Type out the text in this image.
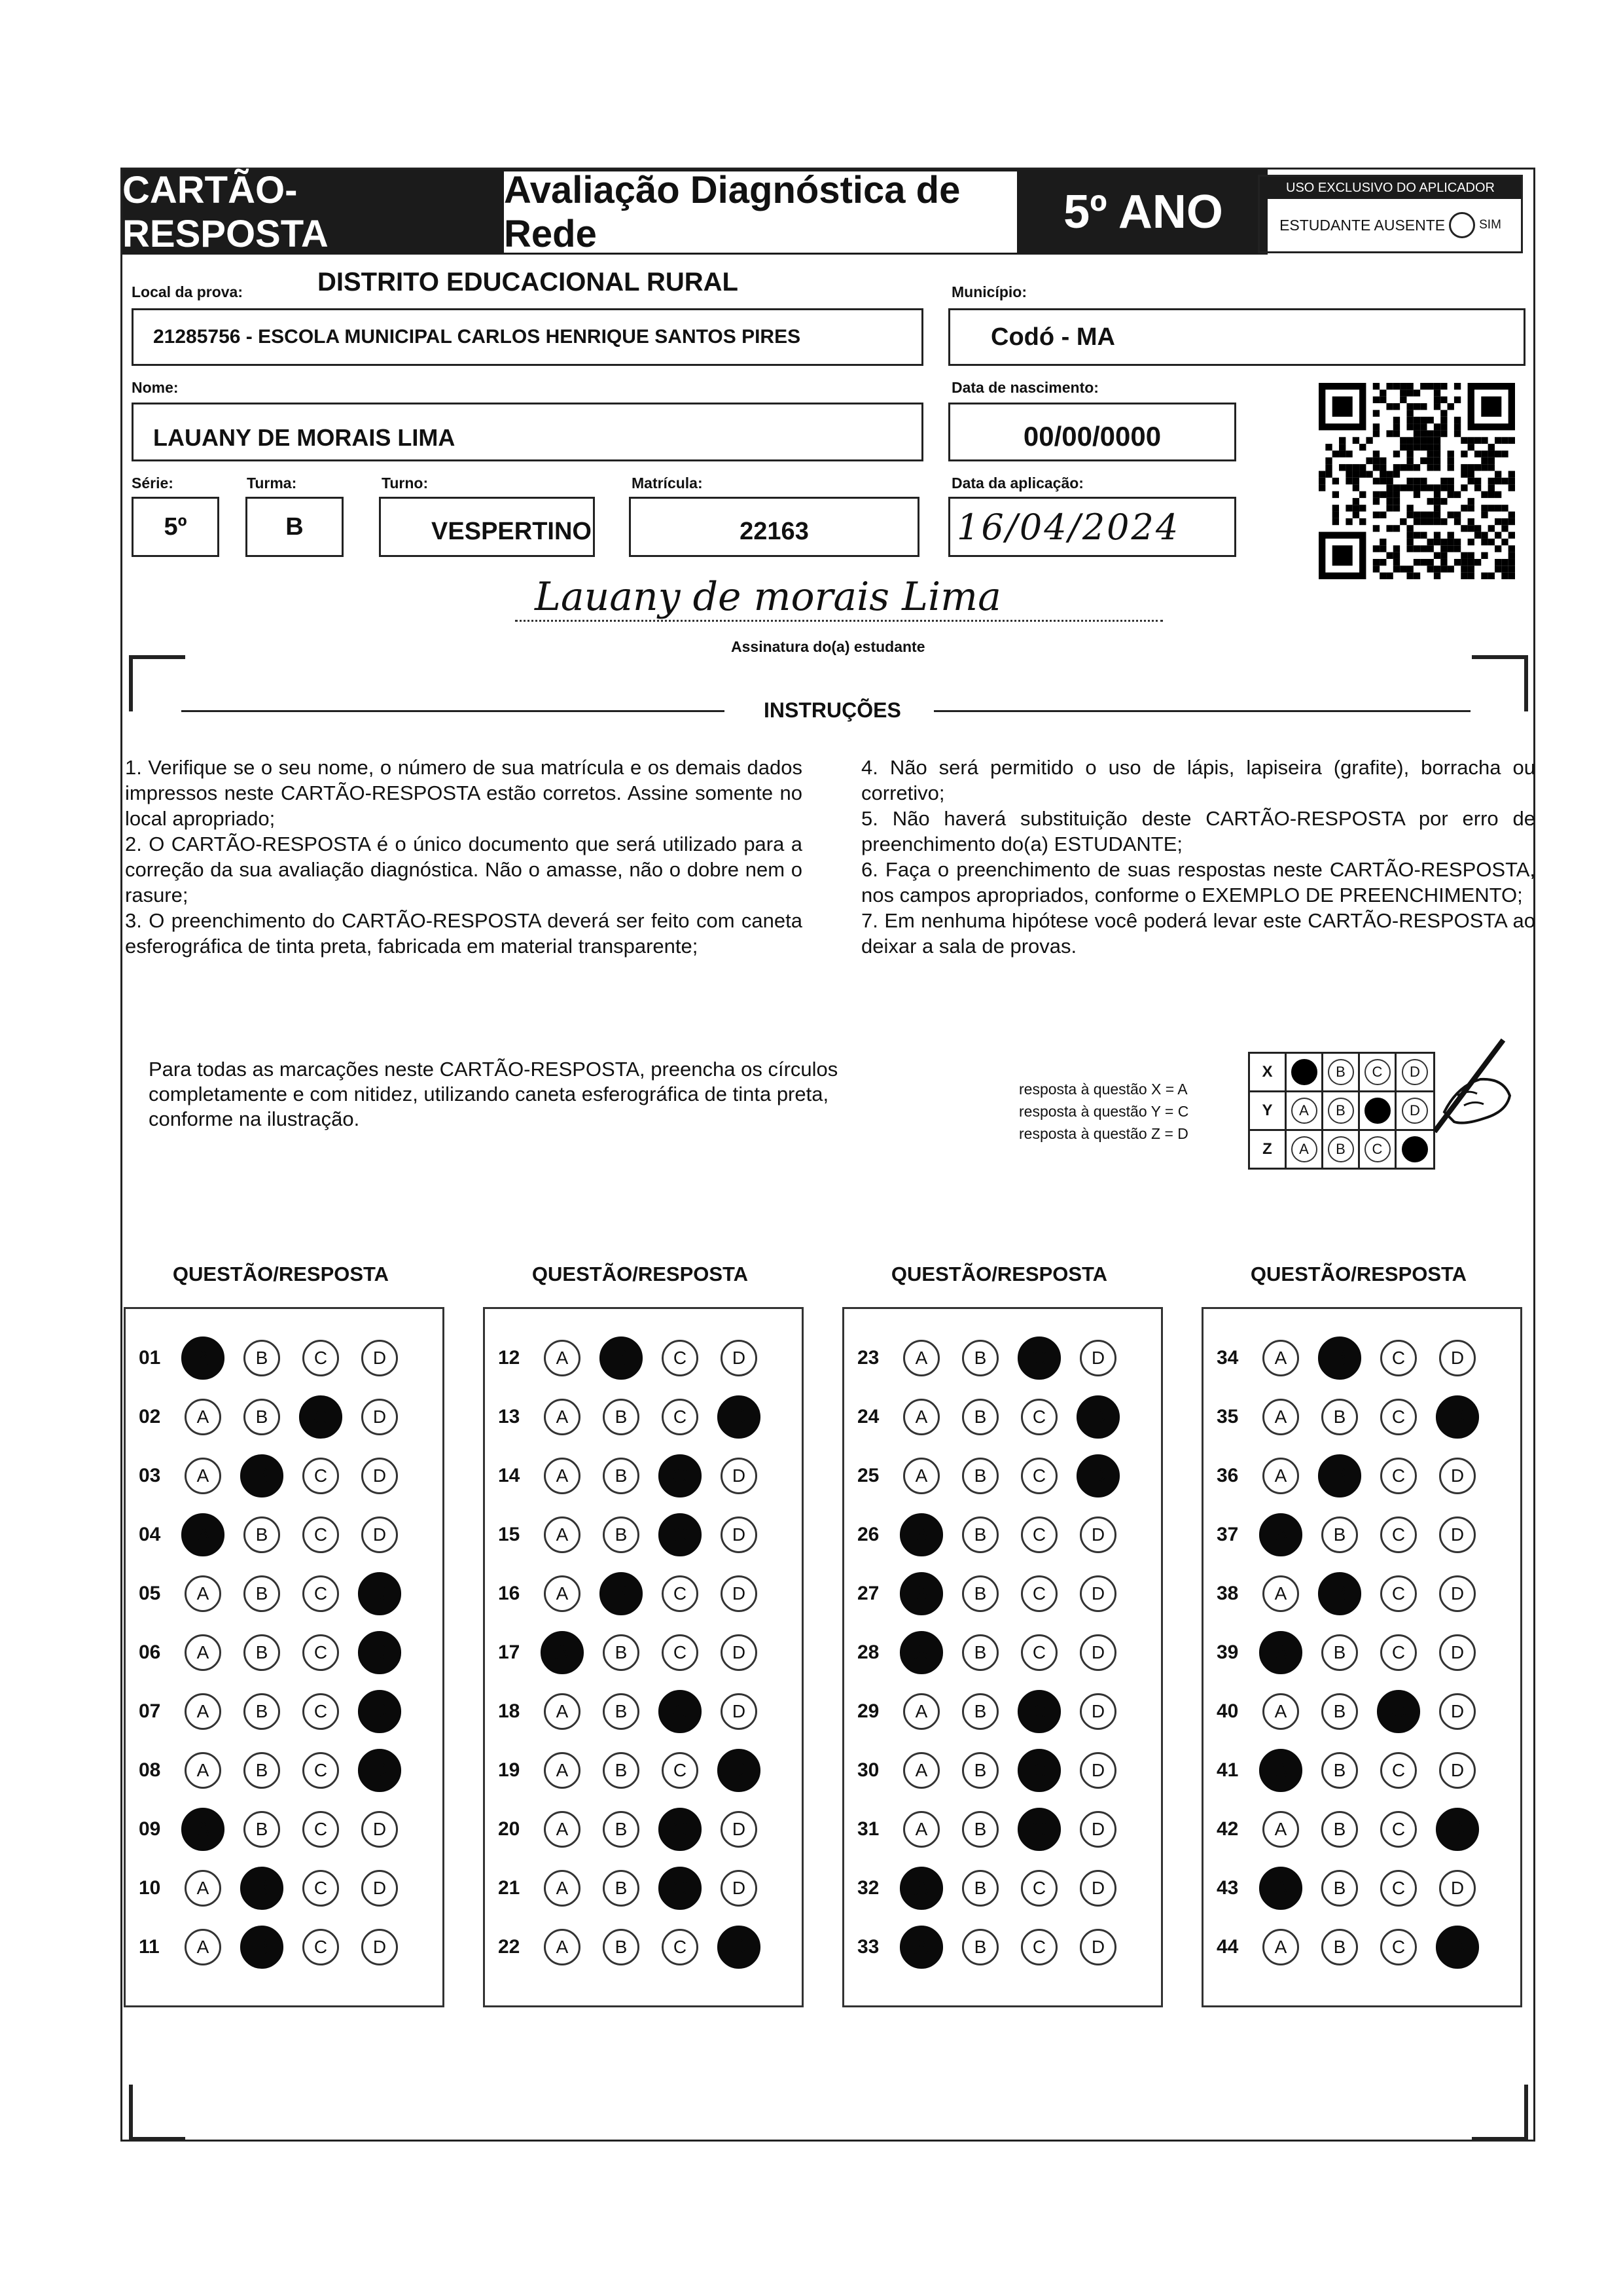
CARTÃO-RESPOSTA
Avaliação Diagnóstica de Rede	5º ANO	USO EXCLUSIVO DO APLICADOR
ESTUDANTE AUSENTE	SIM
Local da prova:	DISTRITO EDUCACIONAL RURAL	Município:
21285756 - ESCOLA MUNICIPAL CARLOS HENRIQUE SANTOS PIRES	Codó - MA
Nome:	Data de nascimento:
LAUANY DE MORAIS LIMA	00/00/0000
Série:	Turma:	Turno:	Matrícula:	Data da aplicação:
5º	B	VESPERTINO	22163	16/04/2024
Lauany de morais Lima
Assinatura do(a) estudante
INSTRUÇÕES

1. Verifique se o seu nome, o número de sua matrícula e os demais dados impressos neste CARTÃO-RESPOSTA estão corretos. Assine somente no local apropriado;

2. O CARTÃO-RESPOSTA é o único documento que será utilizado para a correção da sua avaliação diagnóstica. Não o amasse, não o dobre nem o rasure;

3. O preenchimento do CARTÃO-RESPOSTA deverá ser feito com caneta esferográfica de tinta preta, fabricada em material transparente;

4. Não será permitido o uso de lápis, lapiseira (grafite), borracha ou corretivo;

5. Não haverá substituição deste CARTÃO-RESPOSTA por erro de preenchimento do(a) ESTUDANTE;

6. Faça o preenchimento de suas respostas neste CARTÃO-RESPOSTA, nos campos apropriados, conforme o EXEMPLO DE PREENCHIMENTO;

7. Em nenhuma hipótese você poderá levar este CARTÃO-RESPOSTA ao deixar a sala de provas.

Para todas as marcações neste CARTÃO-RESPOSTA, preencha os círculos completamente e com nitidez, utilizando caneta esferográfica de tinta preta, conforme na ilustração.
resposta à questão X = A
resposta à questão Y = C
resposta à questão Z = D
X	A	B	C	D
Y	A	B	C	D
Z	A	B	C	D
QUESTÃO/RESPOSTA
01	A	B	C	D
02	A	B	C	D
03	A	B	C	D
04	A	B	C	D
05	A	B	C	D
06	A	B	C	D
07	A	B	C	D
08	A	B	C	D
09	A	B	C	D
10	A	B	C	D
11	A	B	C	D
QUESTÃO/RESPOSTA
12	A	B	C	D
13	A	B	C	D
14	A	B	C	D
15	A	B	C	D
16	A	B	C	D
17	A	B	C	D
18	A	B	C	D
19	A	B	C	D
20	A	B	C	D
21	A	B	C	D
22	A	B	C	D
QUESTÃO/RESPOSTA
23	A	B	C	D
24	A	B	C	D
25	A	B	C	D
26	A	B	C	D
27	A	B	C	D
28	A	B	C	D
29	A	B	C	D
30	A	B	C	D
31	A	B	C	D
32	A	B	C	D
33	A	B	C	D
QUESTÃO/RESPOSTA
34	A	B	C	D
35	A	B	C	D
36	A	B	C	D
37	A	B	C	D
38	A	B	C	D
39	A	B	C	D
40	A	B	C	D
41	A	B	C	D
42	A	B	C	D
43	A	B	C	D
44	A	B	C	D
